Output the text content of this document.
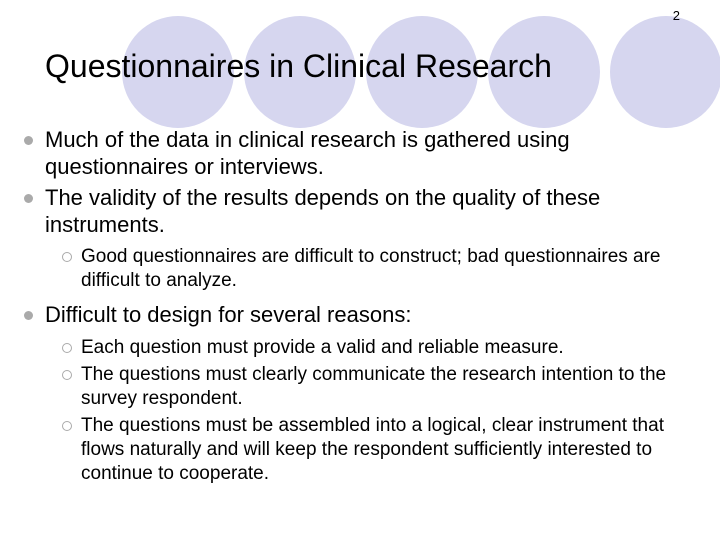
2
Questionnaires in Clinical Research
Much of the data in clinical research is gathered using questionnaires or interviews.
The validity of the results depends on the quality of these instruments.
Good questionnaires are difficult to construct; bad questionnaires are difficult to analyze.
Difficult to design for several reasons:
Each question must provide a valid and reliable measure.
The questions must clearly communicate the research intention to the survey respondent.
The questions must be assembled into a logical, clear instrument that flows naturally and will keep the respondent sufficiently interested to continue to cooperate.
